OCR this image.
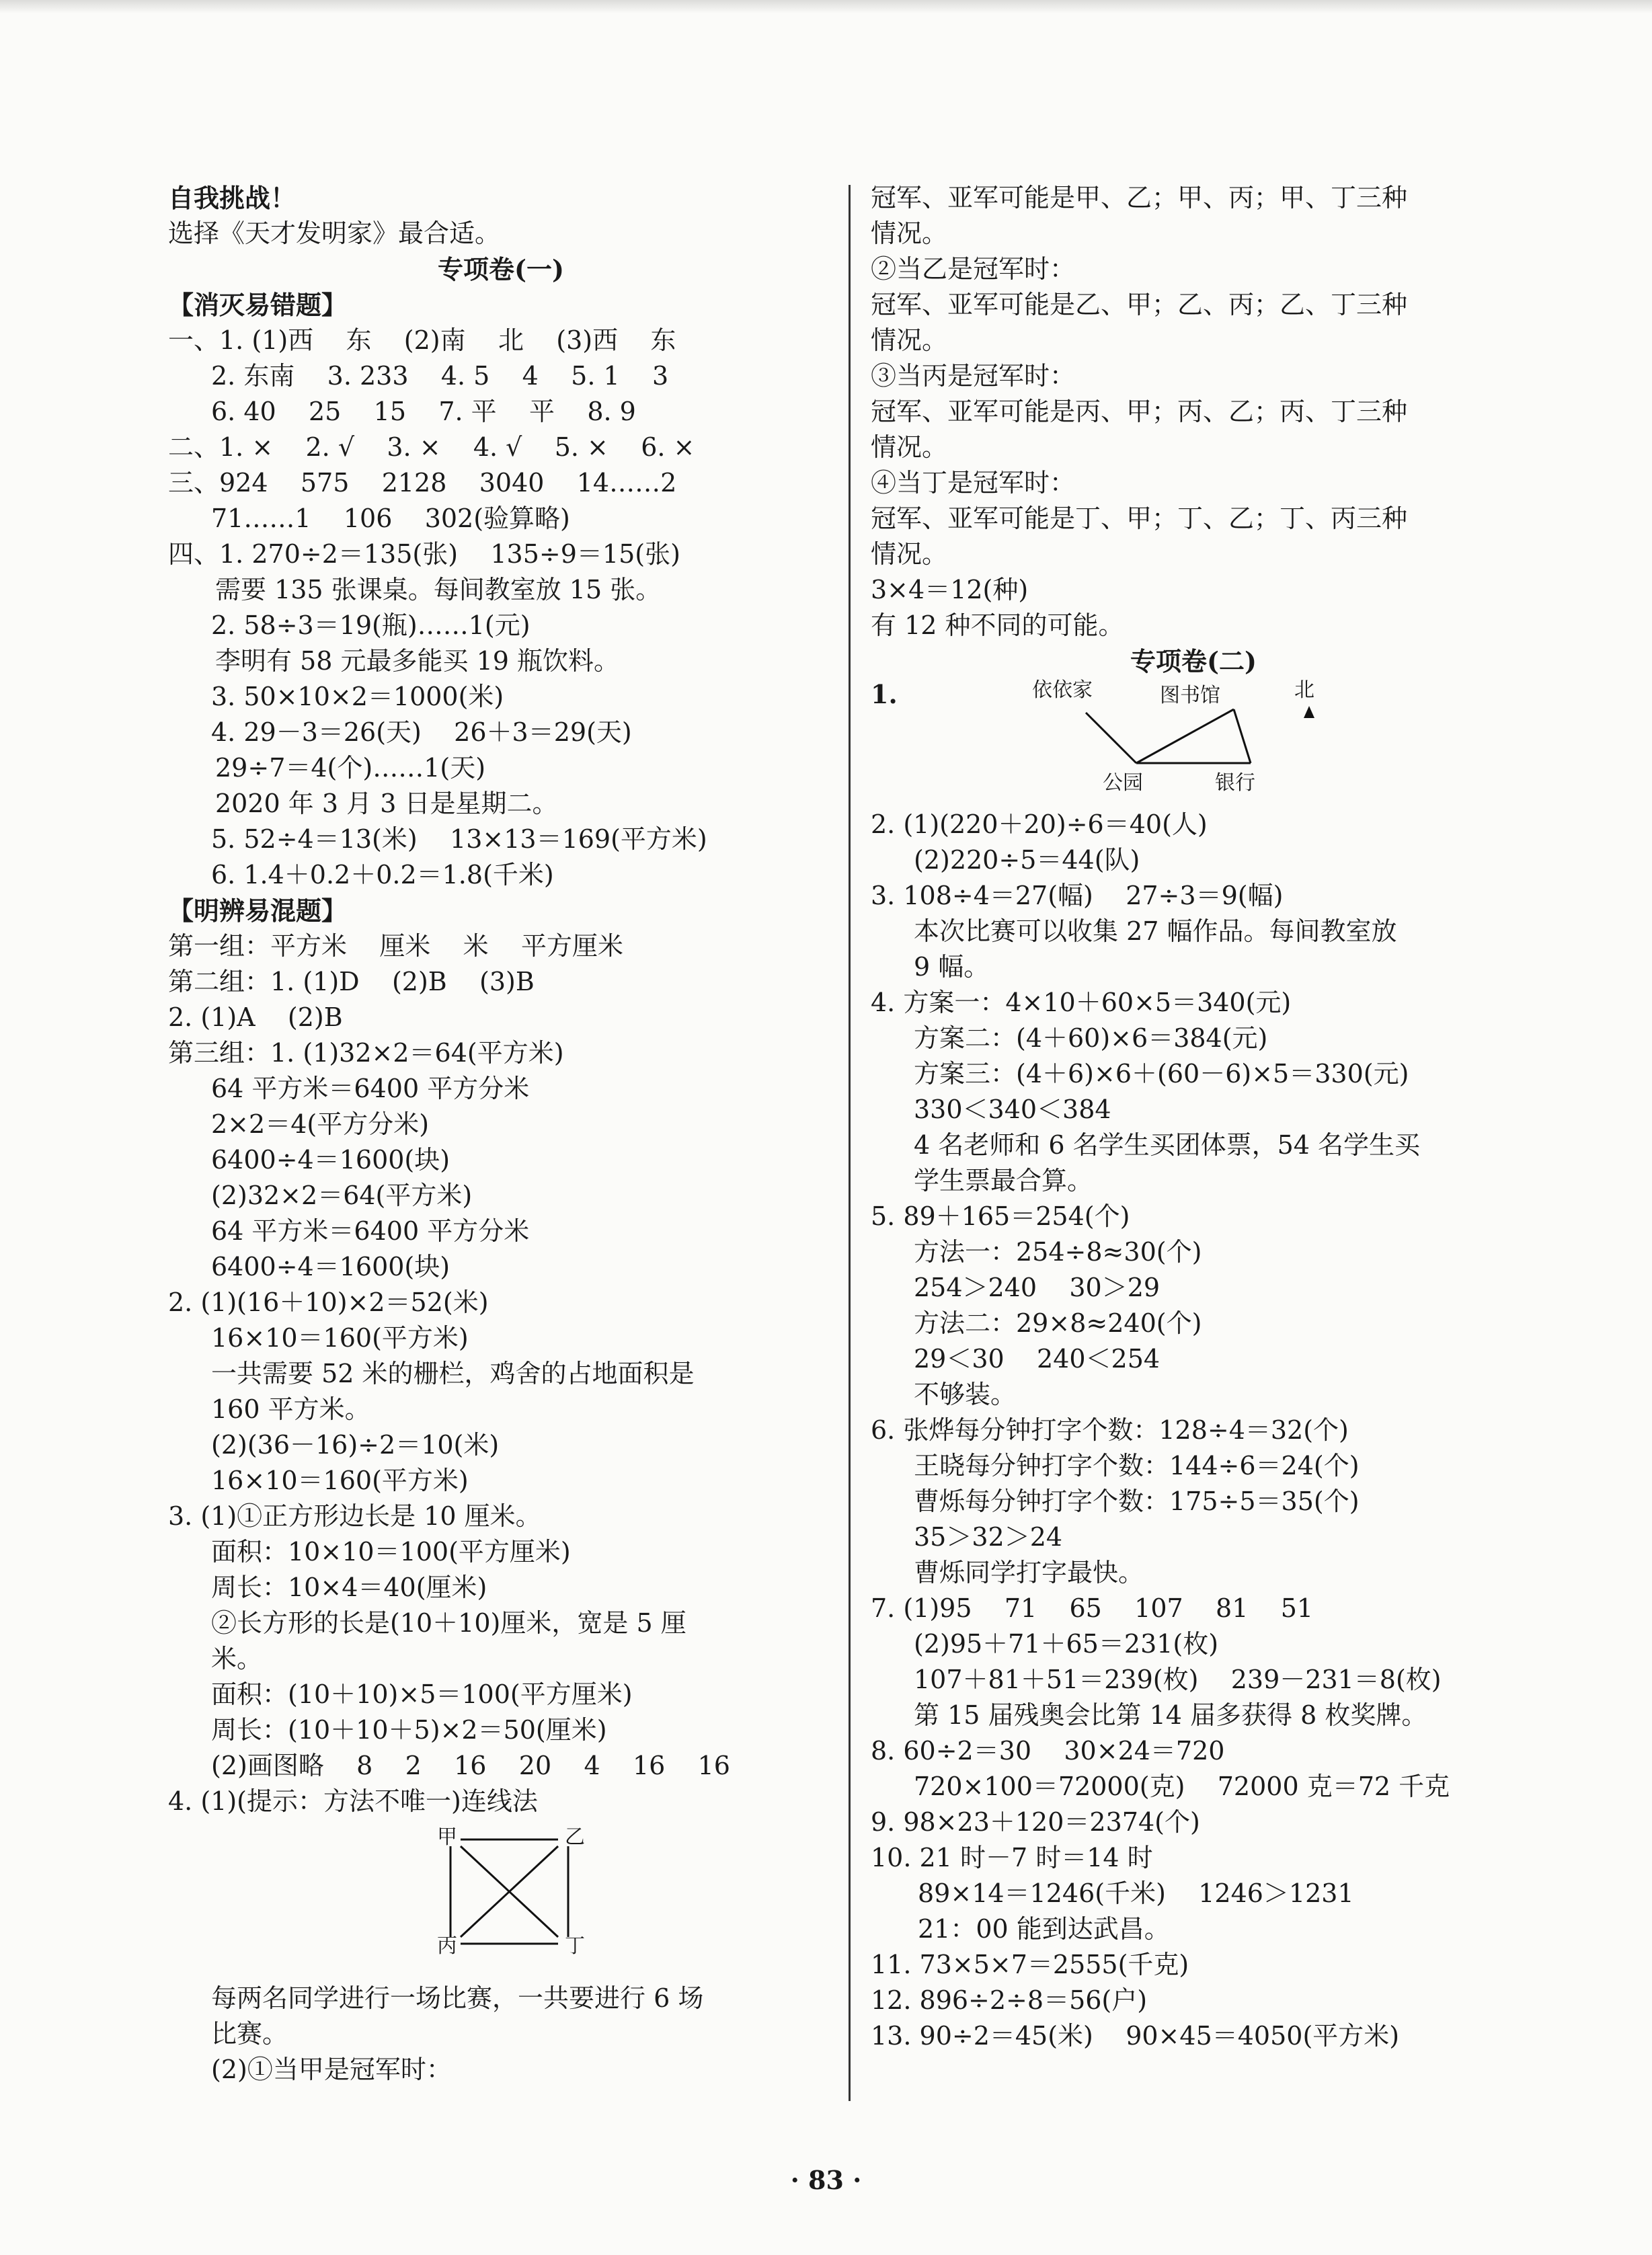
自我挑战！
选择《天才发明家》最合适。
专项卷(一)
【消灭易错题】
一、1. (1)西    东    (2)南    北    (3)西    东
2. 东南    3. 233    4. 5    4    5. 1    3
6. 40    25    15    7. 平    平    8. 9
二、1. ×    2. √    3. ×    4. √    5. ×    6. ×
三、924    575    2128    3040    14……2
71……1    106    302(验算略)
四、1. 270÷2＝135(张)    135÷9＝15(张)
需要 135 张课桌。每间教室放 15 张。
2. 58÷3＝19(瓶)……1(元)
李明有 58 元最多能买 19 瓶饮料。
3. 50×10×2＝1000(米)
4. 29－3＝26(天)    26＋3＝29(天)
29÷7＝4(个)……1(天)
2020 年 3 月 3 日是星期二。
5. 52÷4＝13(米)    13×13＝169(平方米)
6. 1.4＋0.2＋0.2＝1.8(千米)
【明辨易混题】
第一组：平方米    厘米    米    平方厘米
第二组：1. (1)D    (2)B    (3)B
2. (1)A    (2)B
第三组：1. (1)32×2＝64(平方米)
64 平方米＝6400 平方分米
2×2＝4(平方分米)
6400÷4＝1600(块)
(2)32×2＝64(平方米)
64 平方米＝6400 平方分米
6400÷4＝1600(块)
2. (1)(16＋10)×2＝52(米)
16×10＝160(平方米)
一共需要 52 米的栅栏，鸡舍的占地面积是
160 平方米。
(2)(36－16)÷2＝10(米)
16×10＝160(平方米)
3. (1)①正方形边长是 10 厘米。
面积：10×10＝100(平方厘米)
周长：10×4＝40(厘米)
②长方形的长是(10＋10)厘米，宽是 5 厘
米。
面积：(10＋10)×5＝100(平方厘米)
周长：(10＋10＋5)×2＝50(厘米)
(2)画图略    8    2    16    20    4    16    16
4. (1)(提示：方法不唯一)连线法
甲	乙
丙	丁
每两名同学进行一场比赛，一共要进行 6 场
比赛。
(2)①当甲是冠军时：
冠军、亚军可能是甲、乙；甲、丙；甲、丁三种
情况。
②当乙是冠军时：
冠军、亚军可能是乙、甲；乙、丙；乙、丁三种
情况。
③当丙是冠军时：
冠军、亚军可能是丙、甲；丙、乙；丙、丁三种
情况。
④当丁是冠军时：
冠军、亚军可能是丁、甲；丁、乙；丁、丙三种
情况。
3×4＝12(种)
有 12 种不同的可能。
专项卷(二)
1.	依依家	图书馆	北
公园	银行
2. (1)(220＋20)÷6＝40(人)
(2)220÷5＝44(队)
3. 108÷4＝27(幅)    27÷3＝9(幅)
本次比赛可以收集 27 幅作品。每间教室放
9 幅。
4. 方案一：4×10＋60×5＝340(元)
方案二：(4＋60)×6＝384(元)
方案三：(4＋6)×6＋(60－6)×5＝330(元)
330＜340＜384
4 名老师和 6 名学生买团体票，54 名学生买
学生票最合算。
5. 89＋165＝254(个)
方法一：254÷8≈30(个)
254＞240    30＞29
方法二：29×8≈240(个)
29＜30    240＜254
不够装。
6. 张烨每分钟打字个数：128÷4＝32(个)
王晓每分钟打字个数：144÷6＝24(个)
曹烁每分钟打字个数：175÷5＝35(个)
35＞32＞24
曹烁同学打字最快。
7. (1)95    71    65    107    81    51
(2)95＋71＋65＝231(枚)
107＋81＋51＝239(枚)    239－231＝8(枚)
第 15 届残奥会比第 14 届多获得 8 枚奖牌。
8. 60÷2＝30    30×24＝720
720×100＝72000(克)    72000 克＝72 千克
9. 98×23＋120＝2374(个)
10. 21 时－7 时＝14 时
89×14＝1246(千米)    1246＞1231
21：00 能到达武昌。
11. 73×5×7＝2555(千克)
12. 896÷2÷8＝56(户)
13. 90÷2＝45(米)    90×45＝4050(平方米)
· 83 ·
